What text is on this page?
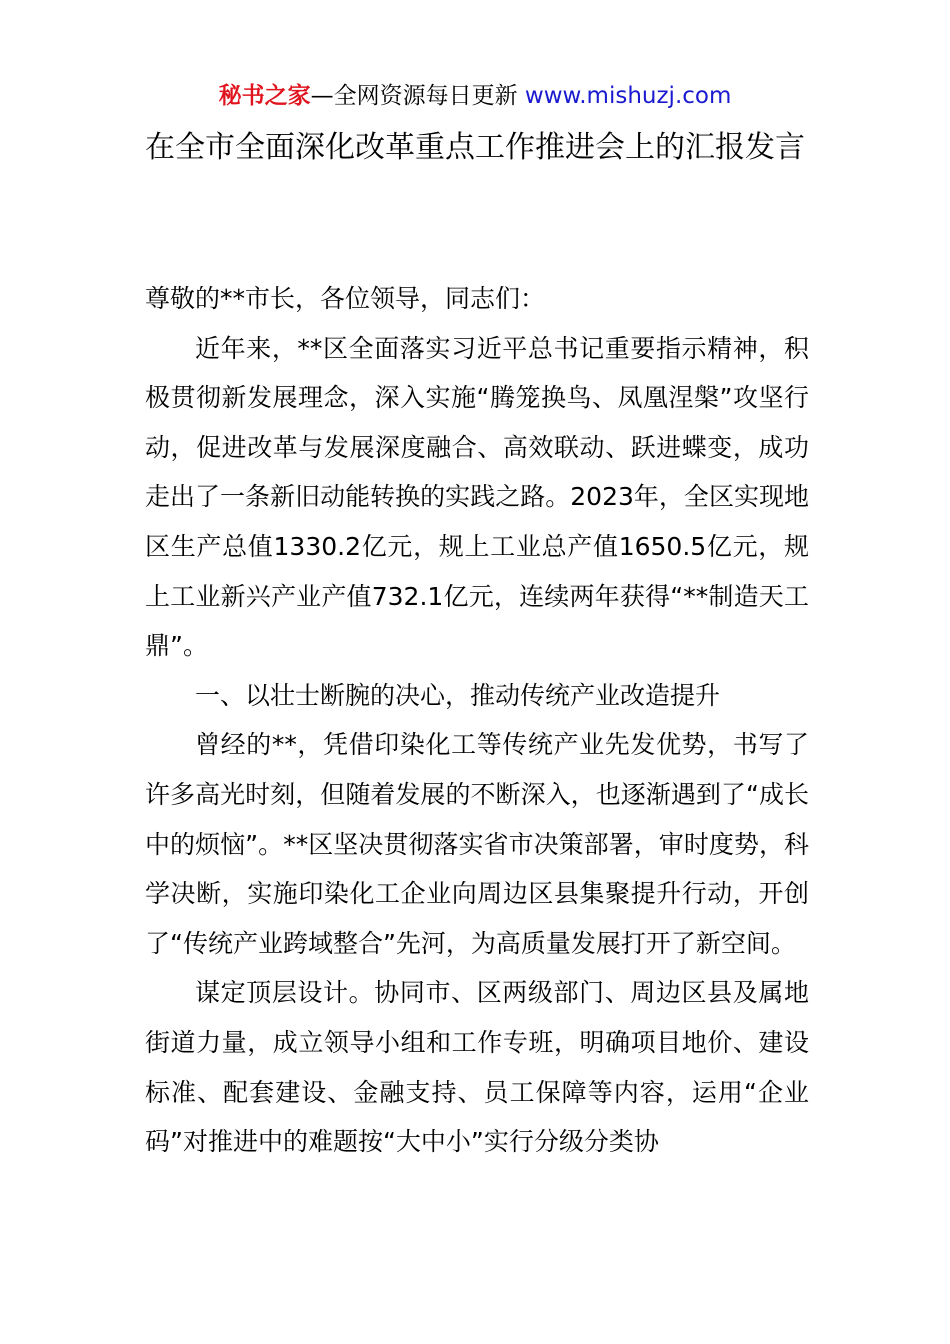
秘书之家—全网资源每日更新 www.mishuzj.com
在全市全面深化改革重点工作推进会上的汇报发言

尊敬的**市长，各位领导，同志们：

近年来，**区全面落实习近平总书记重要指示精神，积极贯彻新发展理念，深入实施“腾笼换鸟、凤凰涅槃”攻坚行动，促进改革与发展深度融合、高效联动、跃进蝶变，成功走出了一条新旧动能转换的实践之路。2023年，全区实现地区生产总值1330.2亿元，规上工业总产值1650.5亿元，规上工业新兴产业产值732.1亿元，连续两年获得“**制造天工鼎”。

一、以壮士断腕的决心，推动传统产业改造提升

曾经的**，凭借印染化工等传统产业先发优势，书写了许多高光时刻，但随着发展的不断深入，也逐渐遇到了“成长中的烦恼”。**区坚决贯彻落实省市决策部署，审时度势，科学决断，实施印染化工企业向周边区县集聚提升行动，开创了“传统产业跨域整合”先河，为高质量发展打开了新空间。

谋定顶层设计。协同市、区两级部门、周边区县及属地街道力量，成立领导小组和工作专班，明确项目地价、建设标准、配套建设、金融支持、员工保障等内容，运用“企业码”对推进中的难题按“大中小”实行分级分类协
